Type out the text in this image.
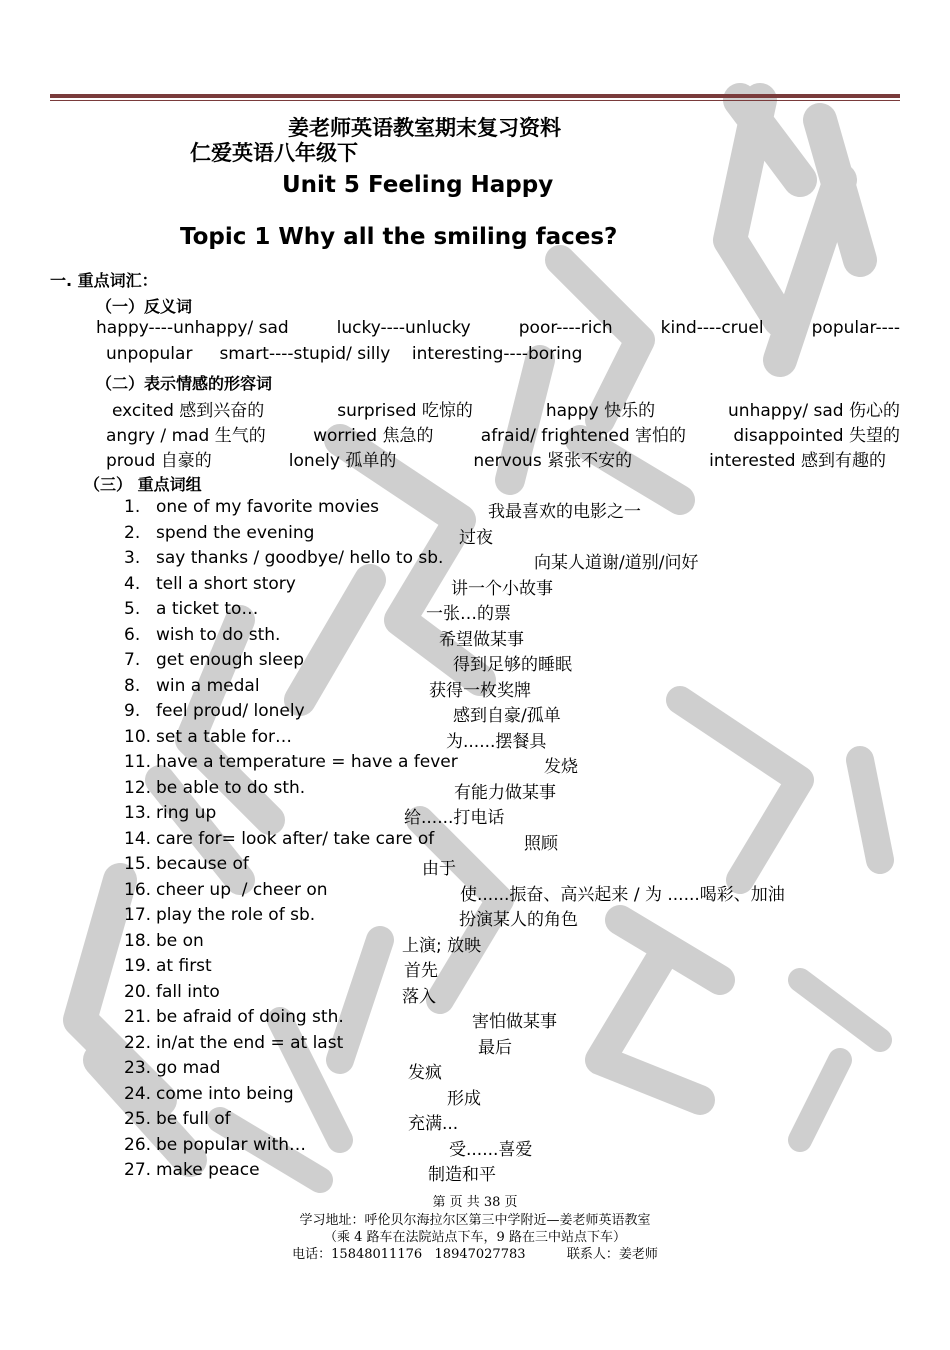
姜老师英语教室期末复习资料
仁爱英语八年级下
Unit 5 Feeling Happy
Topic 1 Why all the smiling faces?
一. 重点词汇：
（一）反义词
happy----unhappy/ sad	lucky----unlucky	poor----rich	kind----cruel	popular----
unpopular     smart----stupid/ silly    interesting----boring
（二）表示情感的形容词
excited 感到兴奋的	surprised 吃惊的	happy 快乐的	unhappy/ sad 伤心的
angry / mad 生气的	worried 焦急的	afraid/ frightened 害怕的	disappointed 失望的
proud 自豪的	lonely 孤单的	nervous 紧张不安的	interested 感到有趣的
（三） 重点词组
1. one of my favorite movies	我最喜欢的电影之一
2. spend the evening	过夜
3. say thanks / goodbye/ hello to sb.	向某人道谢/道别/问好
4. tell a short story	讲一个小故事
5. a ticket to…	一张…的票
6. wish to do sth.	希望做某事
7. get enough sleep	得到足够的睡眠
8. win a medal	获得一枚奖牌
9. feel proud/ lonely	感到自豪/孤单
10. set a table for…	为......摆餐具
11. have a temperature = have a fever	发烧
12. be able to do sth.	有能力做某事
13. ring up	给......打电话
14. care for= look after/ take care of	照顾
15. because of	由于
16. cheer up  / cheer on	使......振奋、高兴起来 / 为 ......喝彩、加油
17. play the role of sb.	扮演某人的角色
18. be on	上演; 放映
19. at first	首先
20. fall into	落入
21. be afraid of doing sth.	害怕做某事
22. in/at the end = at last	最后
23. go mad	发疯
24. come into being	形成
25. be full of	充满...
26. be popular with…	受......喜爱
27. make peace	制造和平
第 页 共 38 页
学习地址：呼伦贝尔海拉尔区第三中学附近—姜老师英语教室
（乘 4 路车在法院站点下车，9 路在三中站点下车）
电话：15848011176   18947027783          联系人：姜老师
